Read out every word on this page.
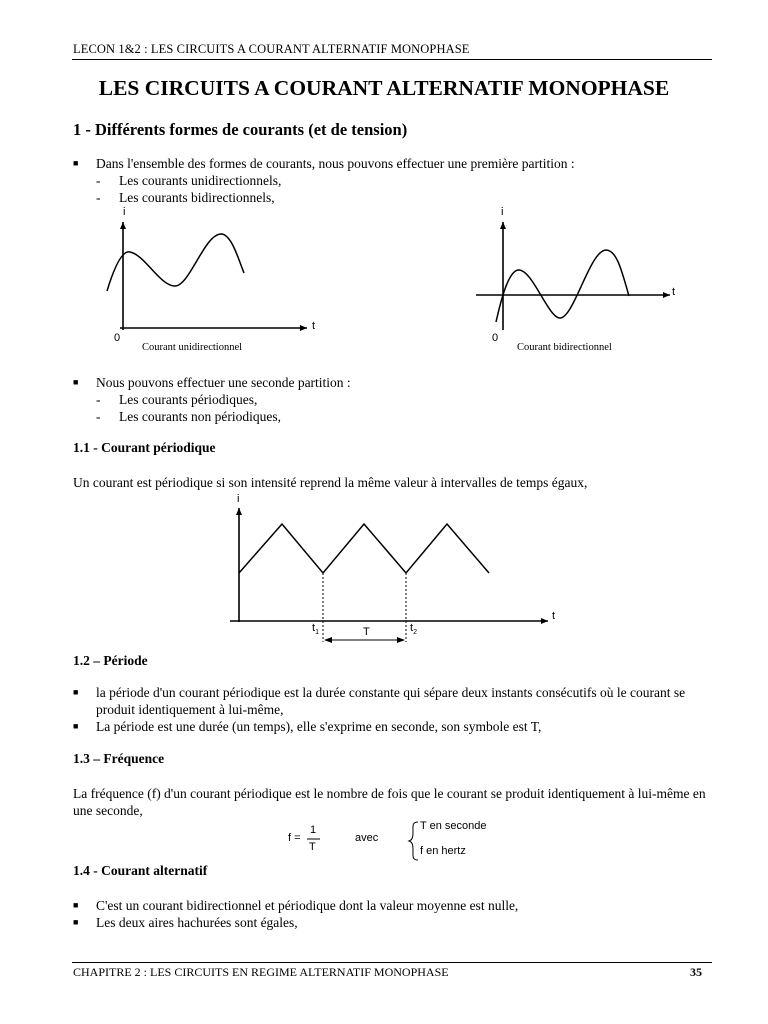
LECON 1&2 : LES CIRCUITS A COURANT ALTERNATIF MONOPHASE
LES CIRCUITS A COURANT ALTERNATIF MONOPHASE
1 - Différents formes de courants (et de tension)
■ Dans l'ensemble des formes de courants, nous pouvons effectuer une première partition :
- Les courants unidirectionnels,
- Les courants bidirectionnels,
i
t
0
Courant unidirectionnel
i
t
0
Courant bidirectionnel
■ Nous pouvons effectuer une seconde partition :
- Les courants périodiques,
- Les courants non périodiques,
1.1 - Courant périodique
Un courant est périodique si son intensité reprend la même valeur à intervalles de temps égaux,
i
t
$t_1$	$t_2$
T
1.2 – Période
■ la période d'un courant périodique est la durée constante qui sépare deux instants consécutifs où le courant se produit identiquement à lui-même,
■ La période est une durée (un temps), elle s'exprime en seconde, son symbole est T,
1.3 – Fréquence
La fréquence (f) d'un courant périodique est le nombre de fois que le courant se produit identiquement à lui-même en une seconde,
f =
1
T
avec
T en seconde
f en hertz
1.4 - Courant alternatif
■ C'est un courant bidirectionnel et périodique dont la valeur moyenne est nulle,
■ Les deux aires hachurées sont égales,
CHAPITRE 2 : LES CIRCUITS EN REGIME ALTERNATIF MONOPHASE	35
